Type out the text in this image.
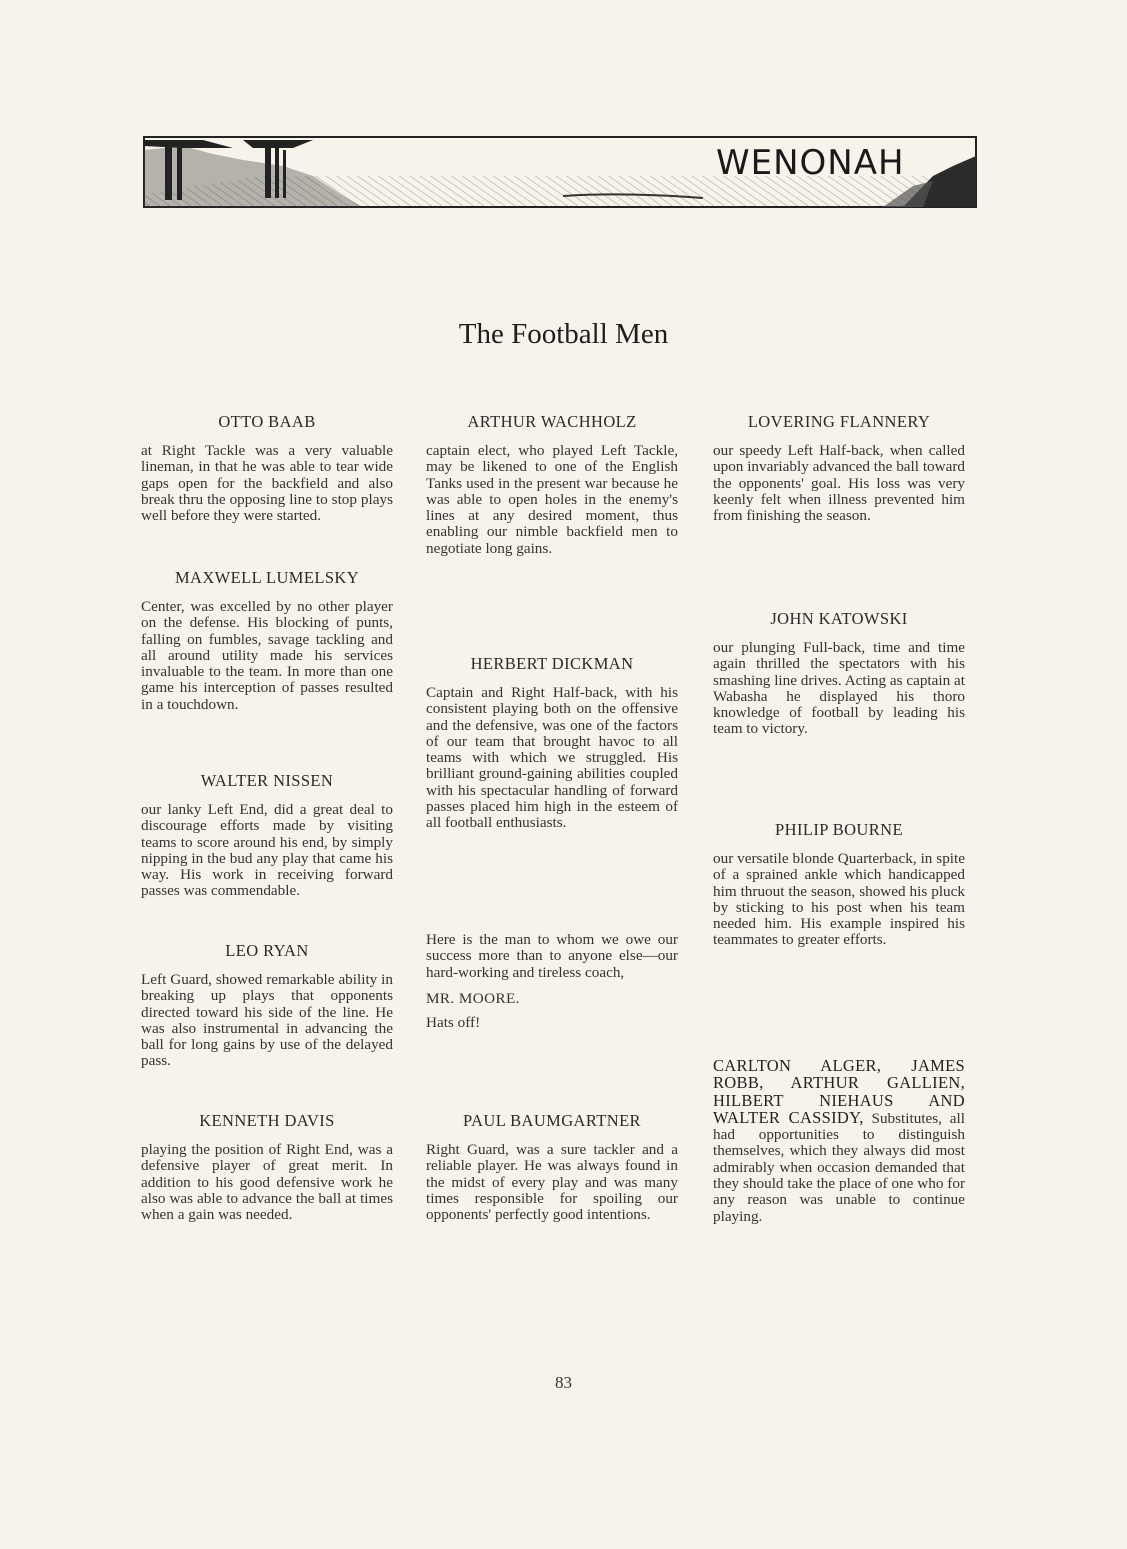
WENONAH
The Football Men
OTTO BAAB

at Right Tackle was a very valuable lineman, in that he was able to tear wide gaps open for the backfield and also break thru the opposing line to stop plays well before they were started.

MAXWELL LUMELSKY

Center, was excelled by no other player on the defense. His blocking of punts, falling on fumbles, savage tackling and all around utility made his services invaluable to the team. In more than one game his interception of passes resulted in a touchdown.

WALTER NISSEN

our lanky Left End, did a great deal to discourage efforts made by visiting teams to score around his end, by simply nipping in the bud any play that came his way. His work in receiving forward passes was commendable.

LEO RYAN

Left Guard, showed remarkable ability in breaking up plays that opponents directed toward his side of the line. He was also instrumental in advancing the ball for long gains by use of the delayed pass.

KENNETH DAVIS

playing the position of Right End, was a defensive player of great merit. In addition to his good defensive work he also was able to advance the ball at times when a gain was needed.

ARTHUR WACHHOLZ

captain elect, who played Left Tackle, may be likened to one of the English Tanks used in the present war because he was able to open holes in the enemy's lines at any desired moment, thus enabling our nimble backfield men to negotiate long gains.

HERBERT DICKMAN

Captain and Right Half-back, with his consistent playing both on the offensive and the defensive, was one of the factors of our team that brought havoc to all teams with which we struggled. His brilliant ground-gaining abilities coupled with his spectacular handling of forward passes placed him high in the esteem of all football enthusiasts.

Here is the man to whom we owe our success more than to anyone else—our hard-working and tireless coach,

MR. MOORE.

Hats off!

PAUL BAUMGARTNER

Right Guard, was a sure tackler and a reliable player. He was always found in the midst of every play and was many times responsible for spoiling our opponents' perfectly good intentions.

LOVERING FLANNERY

our speedy Left Half-back, when called upon invariably advanced the ball toward the opponents' goal. His loss was very keenly felt when illness prevented him from finishing the season.

JOHN KATOWSKI

our plunging Full-back, time and time again thrilled the spectators with his smashing line drives. Acting as captain at Wabasha he displayed his thoro knowledge of football by leading his team to victory.

PHILIP BOURNE

our versatile blonde Quarterback, in spite of a sprained ankle which handicapped him thruout the season, showed his pluck by sticking to his post when his team needed him. His example inspired his teammates to greater efforts.

CARLTON ALGER, JAMES ROBB, ARTHUR GALLIEN, HILBERT NIEHAUS AND WALTER CASSIDY, Substitutes, all had opportunities to distinguish themselves, which they always did most admirably when occasion demanded that they should take the place of one who for any reason was unable to continue playing.

83
